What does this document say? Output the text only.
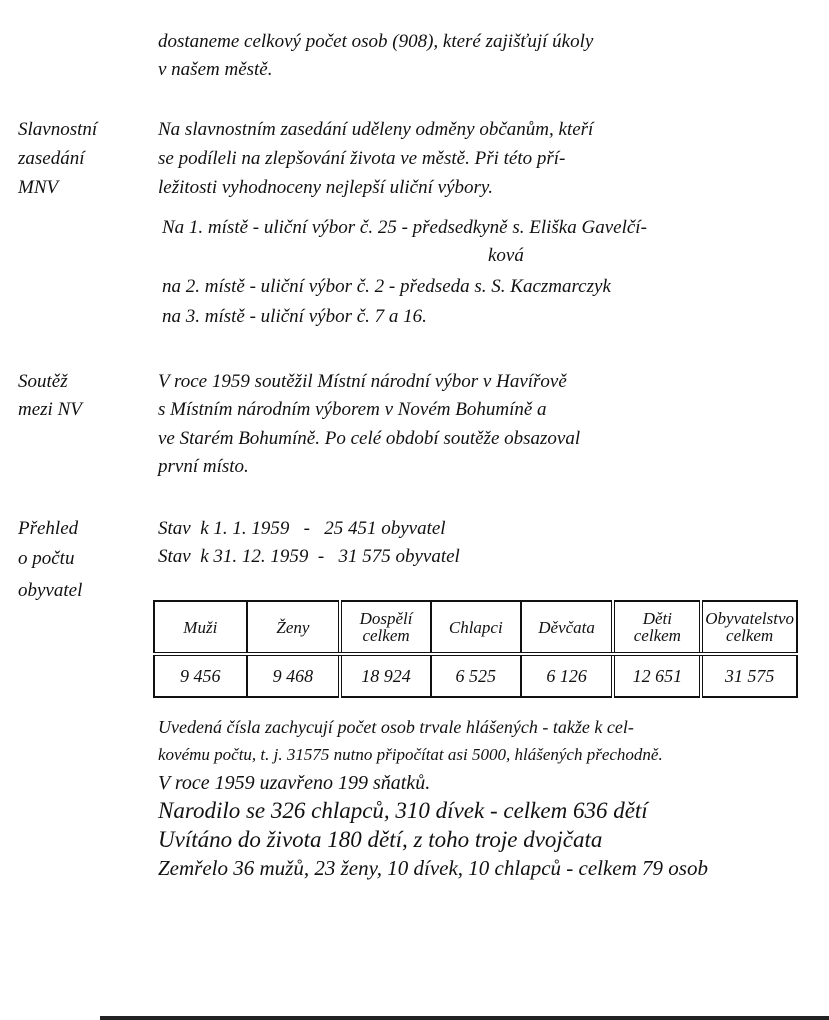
dostaneme celkový počet osob (908), které zajišťují úkoly
v našem městě.
Slavnostní
zasedání
MNV
Na slavnostním zasedání uděleny odměny občanům, kteří
se podíleli na zlepšování života ve městě. Při této pří-
ležitosti vyhodnoceny nejlepší uliční výbory.
Na 1. místě - uliční výbor č. 25 - předsedkyně s. Eliška Gavelčí-
ková
na 2. místě - uliční výbor č. 2 - předseda s. S. Kaczmarczyk
na 3. místě - uliční výbor č. 7 a 16.
Soutěž
mezi NV
V roce 1959 soutěžil Místní národní výbor v Havířově
s Místním národním výborem v Novém Bohumíně a
ve Starém Bohumíně. Po celé období soutěže obsazoval
první místo.
Přehled
o počtu
obyvatel
Stav  k 1. 1. 1959   -   25 451 obyvatel
Stav  k 31. 12. 1959  -   31 575 obyvatel
Muži	Ženy	Dospělí celkem	Chlapci	Děvčata	Děti celkem	Obyvatelstvo celkem
9 456	9 468	18 924	6 525	6 126	12 651	31 575
Uvedená čísla zachycují počet osob trvale hlášených - takže k cel-
kovému počtu, t. j. 31575 nutno připočítat asi 5000, hlášených přechodně.
V roce 1959 uzavřeno 199 sňatků.
Narodilo se 326 chlapců, 310 dívek - celkem 636 dětí
Uvítáno do života 180 dětí, z toho troje dvojčata
Zemřelo 36 mužů, 23 ženy, 10 dívek, 10 chlapců - celkem 79 osob
